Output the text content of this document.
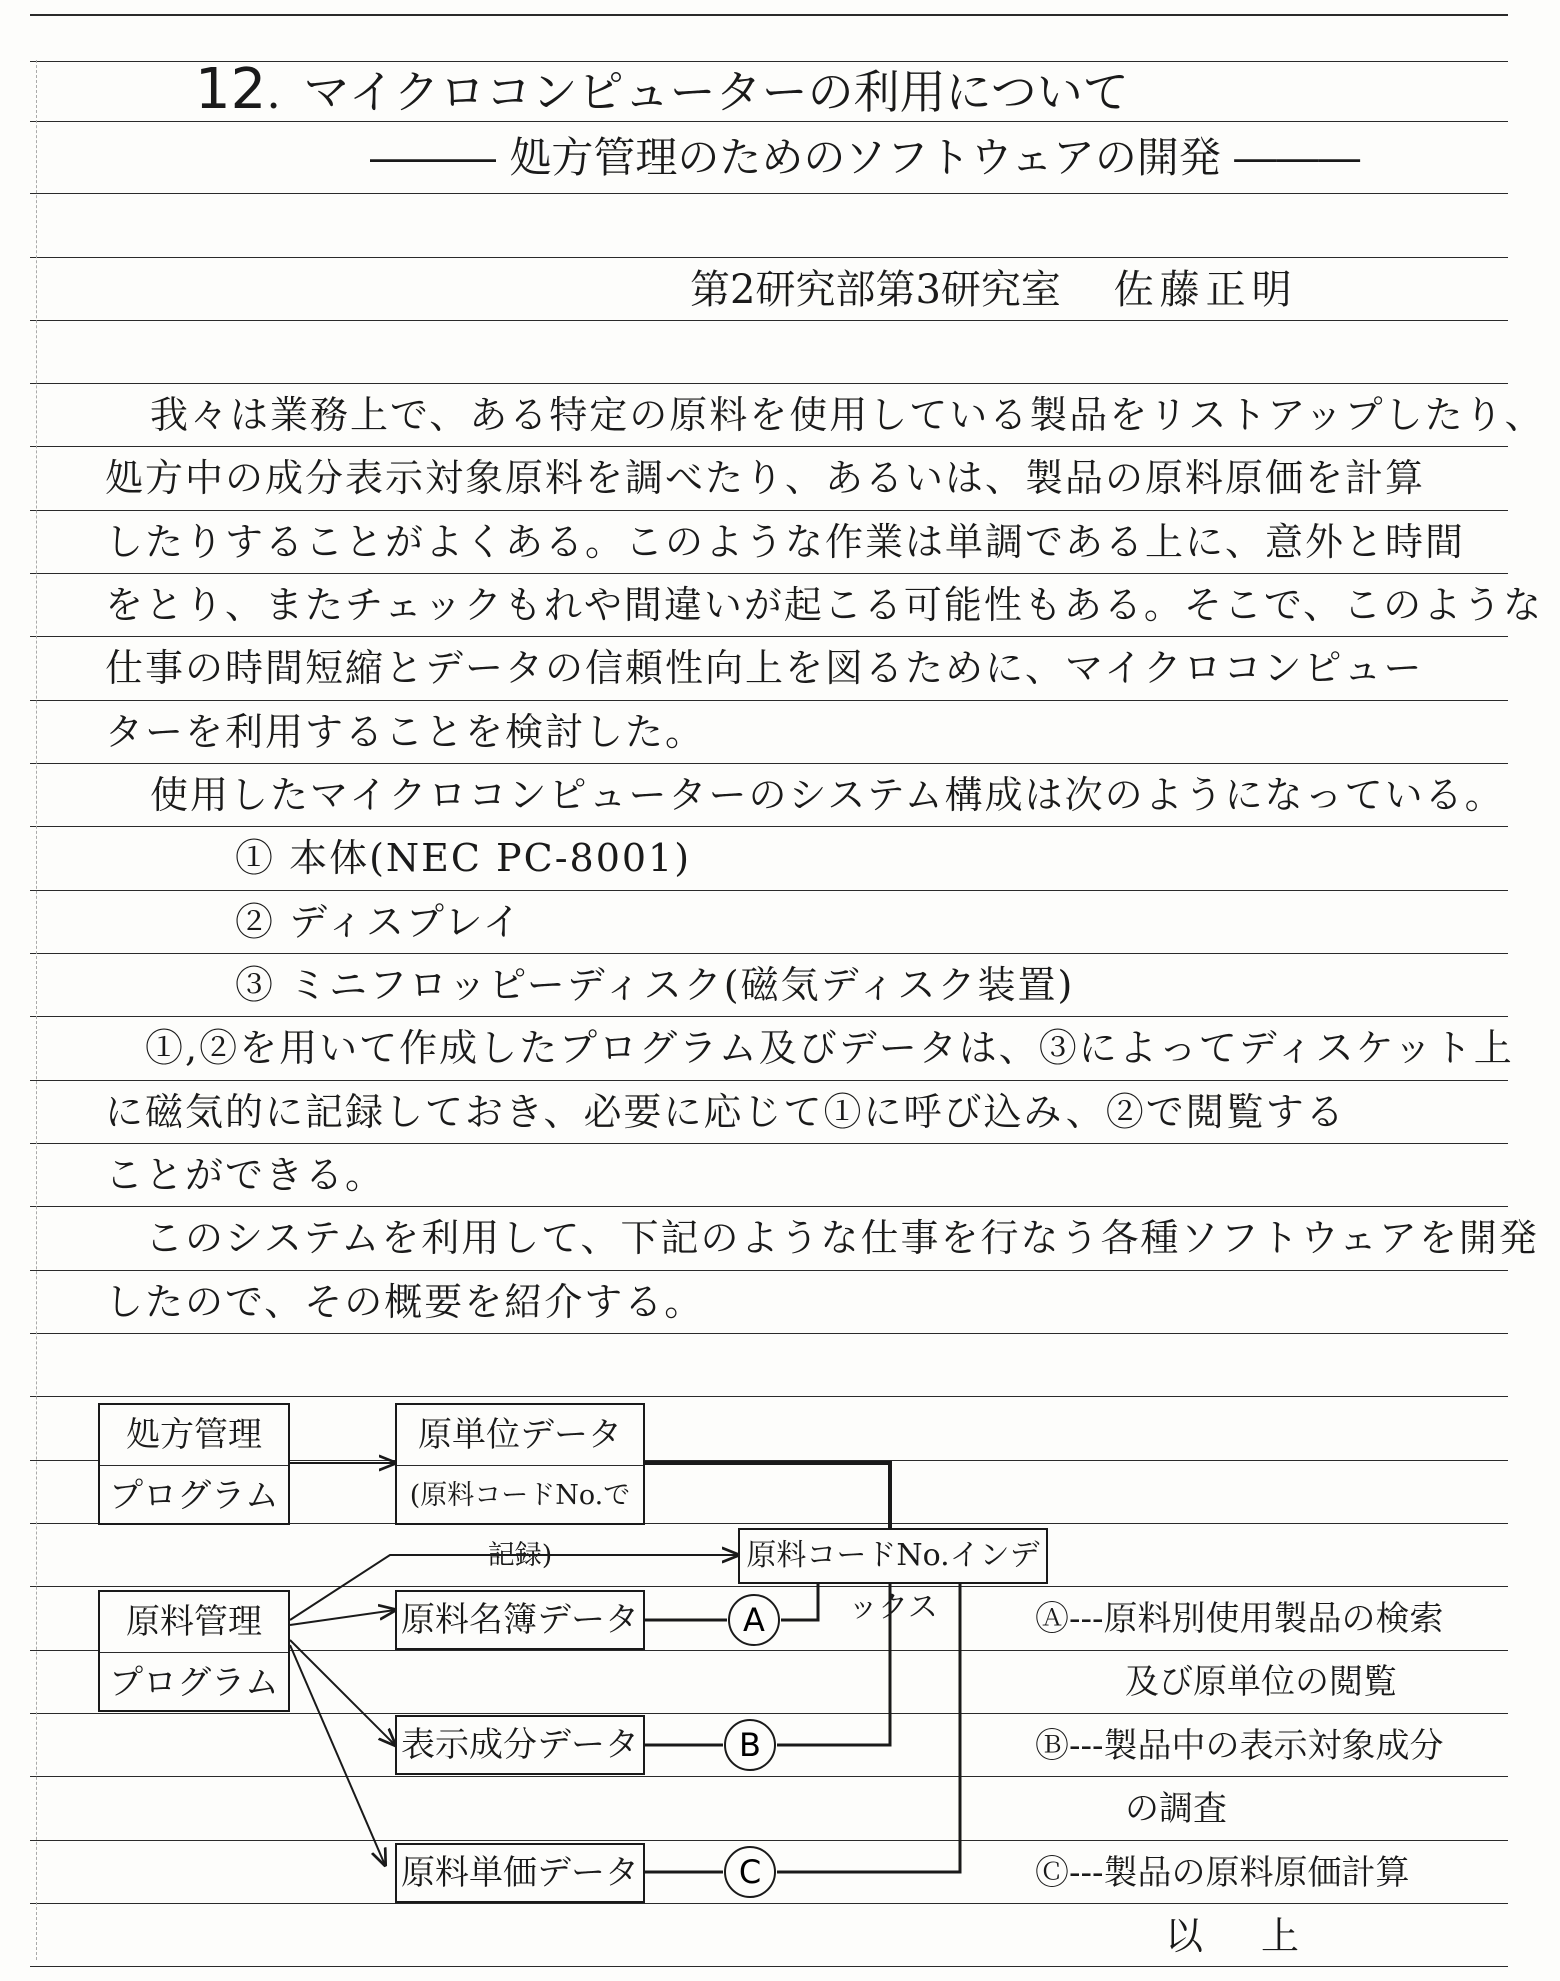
12. マイクロコンピューターの利用について
――― 処方管理のためのソフトウェアの開発 ―――
第2研究部第3研究室 佐藤正明
我々は業務上で、ある特定の原料を使用している製品をリストアップしたり、
処方中の成分表示対象原料を調べたり、あるいは、製品の原料原価を計算
したりすることがよくある。このような作業は単調である上に、意外と時間
をとり、またチェックもれや間違いが起こる可能性もある。そこで、このような
仕事の時間短縮とデータの信頼性向上を図るために、マイクロコンピュー
ターを利用することを検討した。
使用したマイクロコンピューターのシステム構成は次のようになっている。
① 本体(NEC PC-8001)
② ディスプレイ
③ ミニフロッピーディスク(磁気ディスク装置)
①,②を用いて作成したプログラム及びデータは、③によってディスケット上
に磁気的に記録しておき、必要に応じて①に呼び込み、②で閲覧する
ことができる。
このシステムを利用して、下記のような仕事を行なう各種ソフトウェアを開発
したので、その概要を紹介する。
A
B
C
処方管理
プログラム
原単位データ
(原料コードNo.で記録)	原料コードNo.インデックス
原料管理
プログラム
原料名簿データ
表示成分データ
原料単価データ
Ⓐ---原料別使用製品の検索
及び原単位の閲覧
Ⓑ---製品中の表示対象成分
の調査
Ⓒ---製品の原料原価計算
以　上
